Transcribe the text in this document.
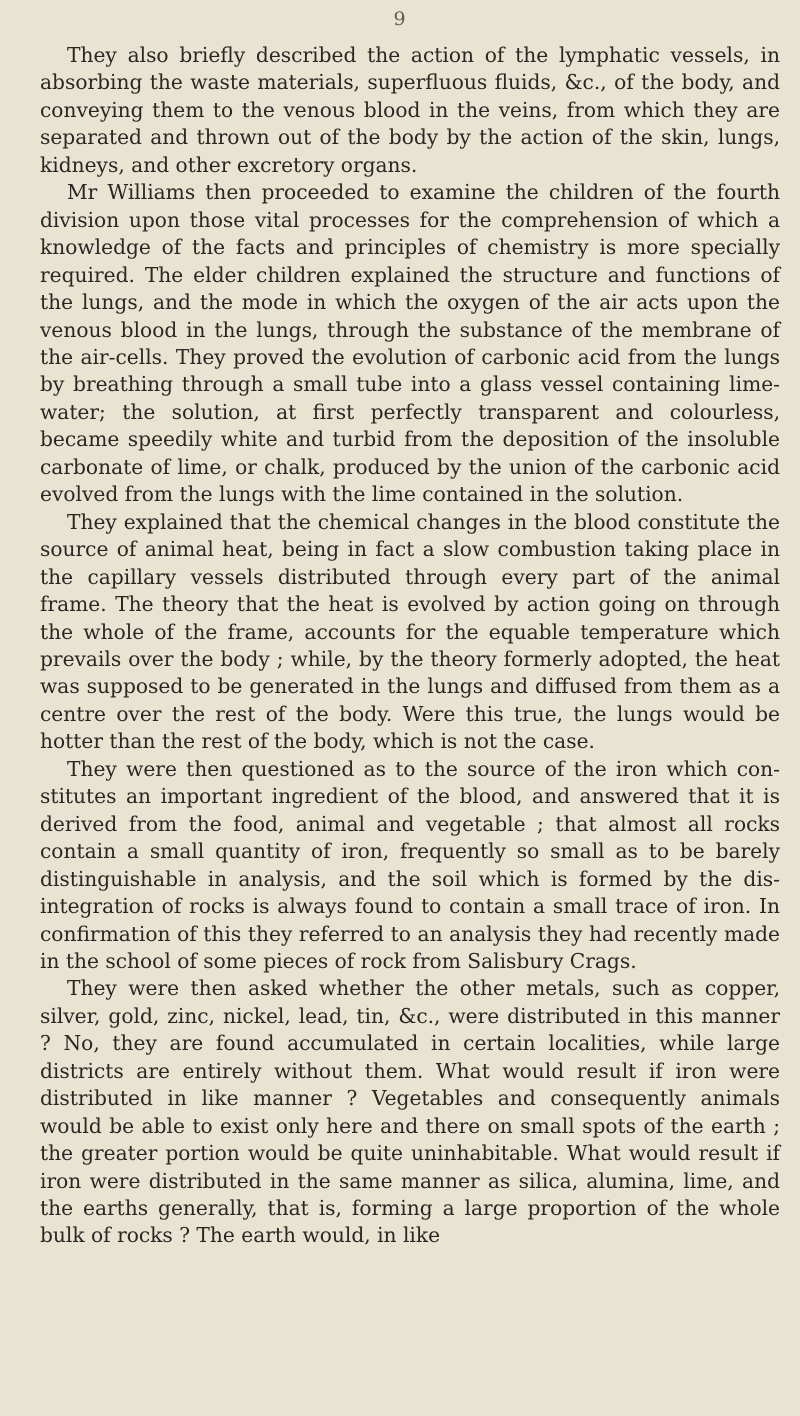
9

They also briefly described the action of the lymphatic vessels, in absorbing the waste materials, superfluous fluids, &c., of the body, and conveying them to the venous blood in the veins, from which they are separated and thrown out of the body by the action of the skin, lungs, kidneys, and other excretory organs.

Mr Williams then proceeded to examine the children of the fourth division upon those vital processes for the comprehension of which a knowledge of the facts and principles of chemistry is more specially required. The elder children explained the structure and functions of the lungs, and the mode in which the oxygen of the air acts upon the venous blood in the lungs, through the substance of the membrane of the air-cells. They proved the evolution of carbonic acid from the lungs by breathing through a small tube into a glass vessel containing lime-water; the solution, at first perfectly transparent and colourless, became speedily white and turbid from the deposition of the insoluble carbonate of lime, or chalk, produced by the union of the carbonic acid evolved from the lungs with the lime contained in the solution.

They explained that the chemical changes in the blood constitute the source of animal heat, being in fact a slow combustion taking place in the capillary vessels distributed through every part of the animal frame. The theory that the heat is evolved by action going on through the whole of the frame, accounts for the equable temperature which prevails over the body ; while, by the theory formerly adopted, the heat was supposed to be generated in the lungs and diffused from them as a centre over the rest of the body. Were this true, the lungs would be hotter than the rest of the body, which is not the case.

They were then questioned as to the source of the iron which constitutes an important ingredient of the blood, and answered that it is derived from the food, animal and vegetable ; that almost all rocks contain a small quantity of iron, frequently so small as to be barely distinguishable in analysis, and the soil which is formed by the disintegration of rocks is always found to contain a small trace of iron. In confirmation of this they referred to an analysis they had recently made in the school of some pieces of rock from Salisbury Crags.

They were then asked whether the other metals, such as copper, silver, gold, zinc, nickel, lead, tin, &c., were distributed in this manner ? No, they are found accumulated in certain localities, while large districts are entirely without them. What would result if iron were distributed in like manner ? Vegetables and consequently animals would be able to exist only here and there on small spots of the earth ; the greater portion would be quite uninhabitable. What would result if iron were distributed in the same manner as silica, alumina, lime, and the earths generally, that is, forming a large proportion of the whole bulk of rocks ? The earth would, in like
